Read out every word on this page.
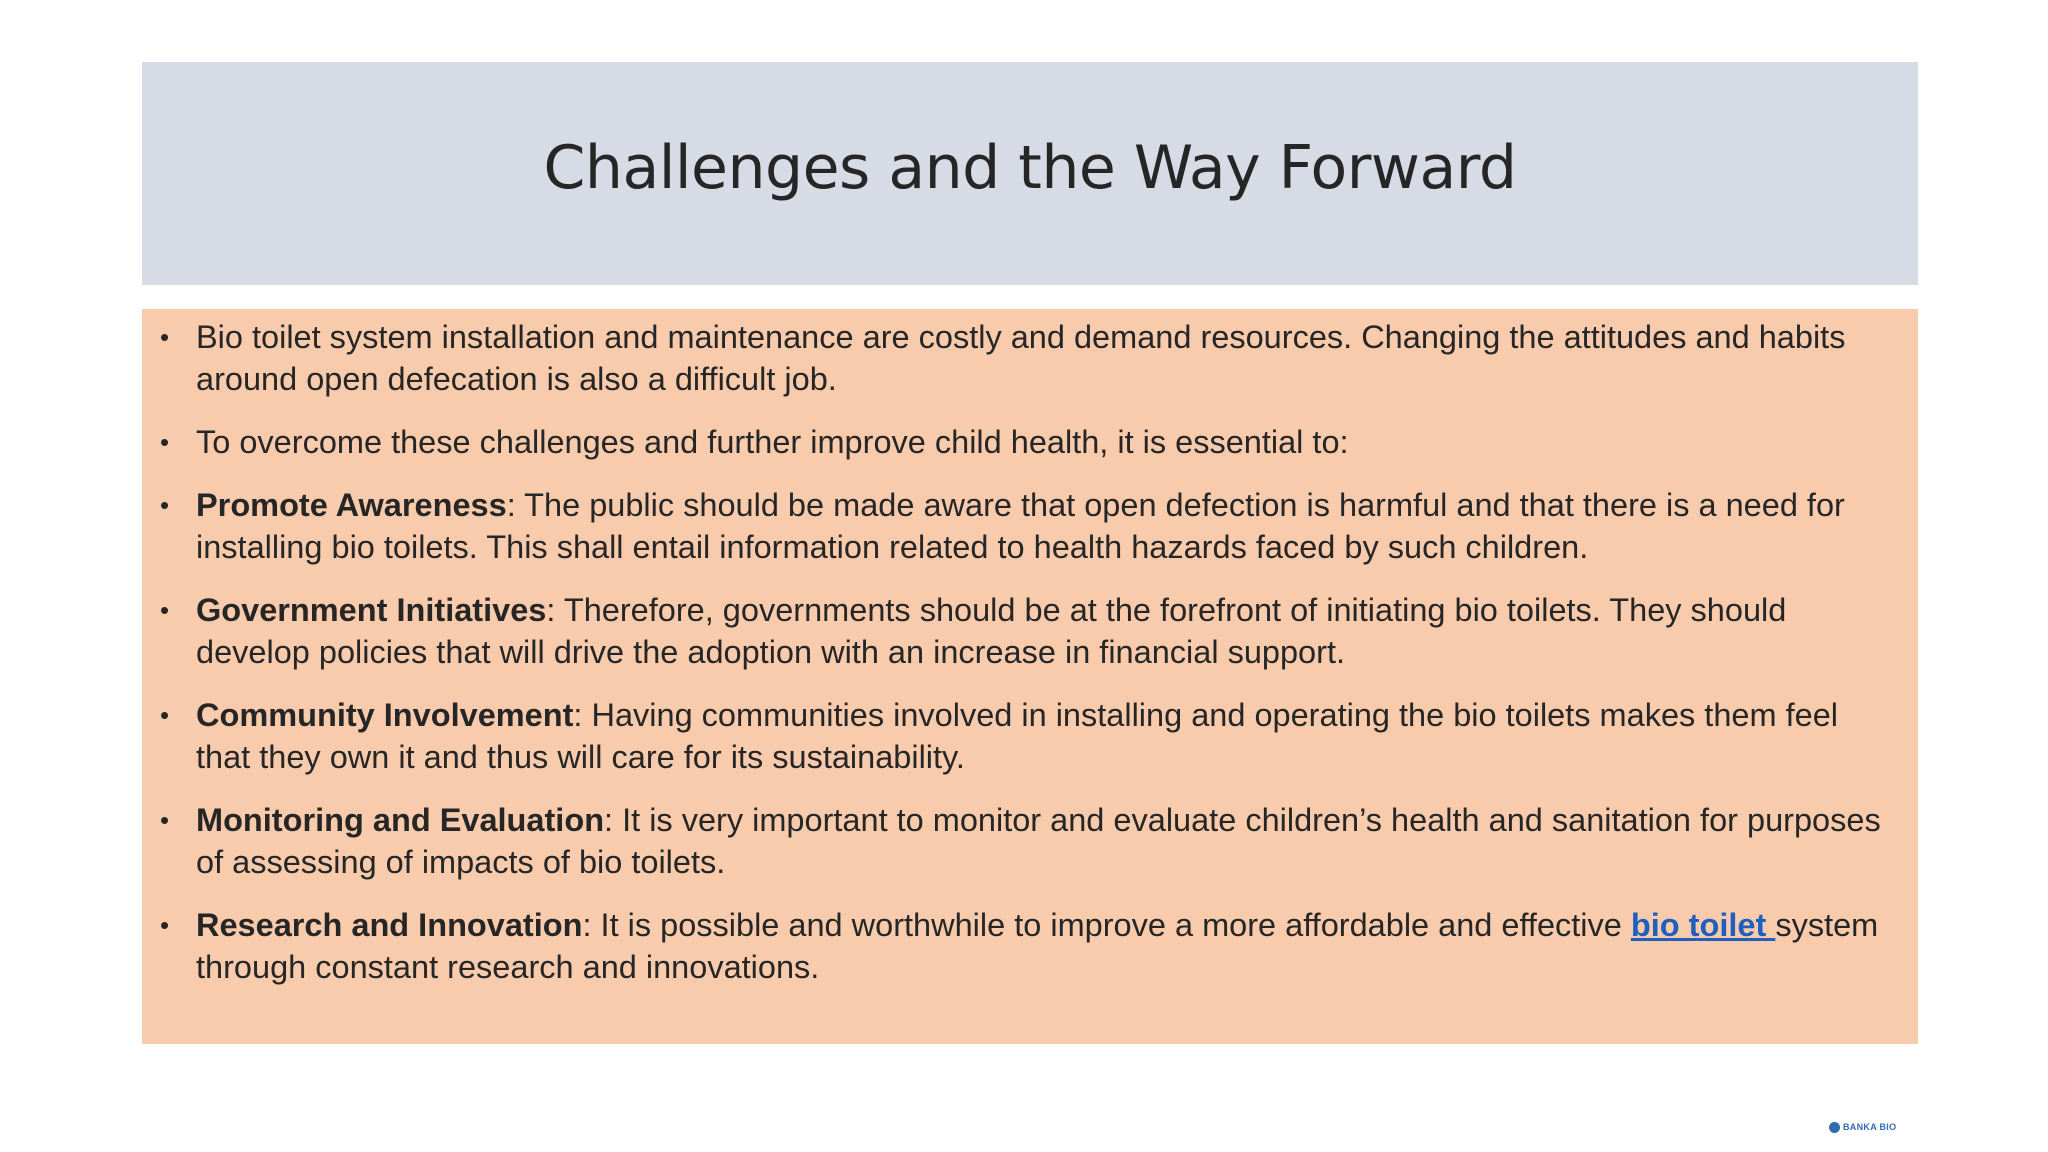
Challenges and the Way Forward
• Bio toilet system installation and maintenance are costly and demand resources. Changing the attitudes and habits around open defecation is also a difficult job.
• To overcome these challenges and further improve child health, it is essential to:
• Promote Awareness: The public should be made aware that open defection is harmful and that there is a need for installing bio toilets. This shall entail information related to health hazards faced by such children.
• Government Initiatives: Therefore, governments should be at the forefront of initiating bio toilets. They should develop policies that will drive the adoption with an increase in financial support.
• Community Involvement: Having communities involved in installing and operating the bio toilets makes them feel that they own it and thus will care for its sustainability.
• Monitoring and Evaluation: It is very important to monitor and evaluate children’s health and sanitation for purposes of assessing of impacts of bio toilets.
• Research and Innovation: It is possible and worthwhile to improve a more affordable and effective bio toilet system through constant research and innovations.
BANKA BIO
